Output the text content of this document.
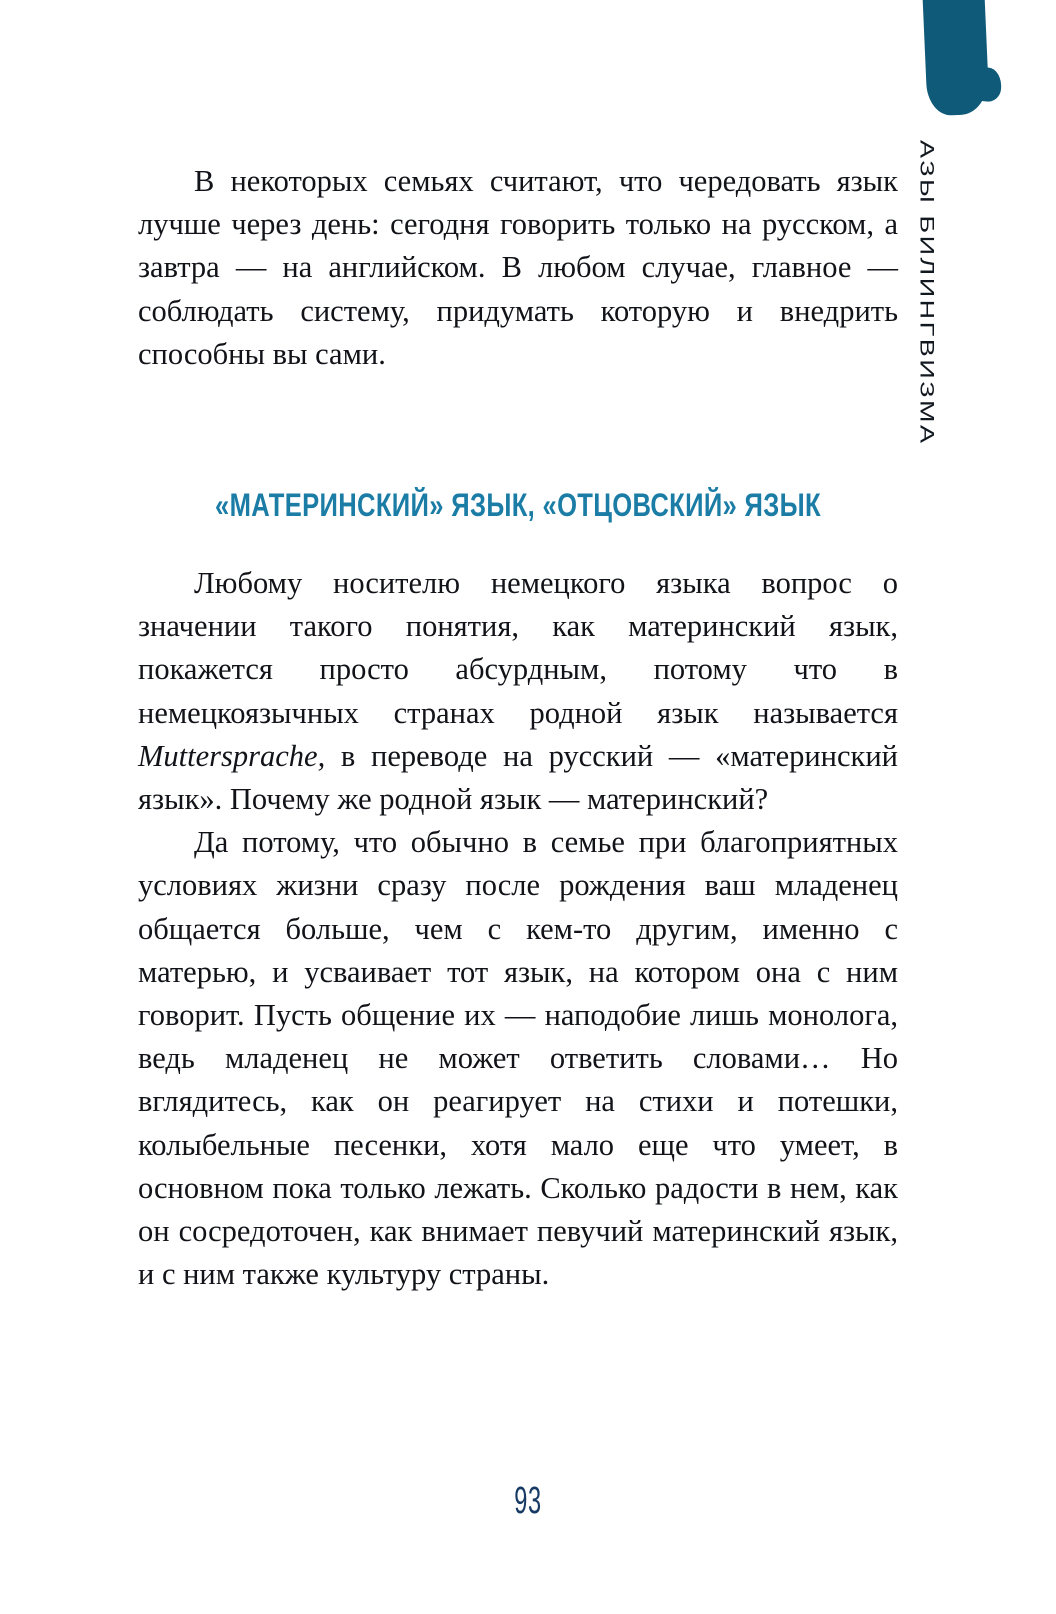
АЗЫ БИЛИНГВИЗМА

В некоторых семьях считают, что чередовать язык лучше через день: сегодня говорить только на русском, а завтра — на английском. В любом случае, главное — соблюдать систему, придумать которую и внедрить способны вы сами.

«МАТЕРИНСКИЙ» ЯЗЫК, «ОТЦОВСКИЙ» ЯЗЫК

Любому носителю немецкого языка вопрос о значении такого понятия, как материнский язык, покажется просто абсурдным, потому что в немецкоязычных странах родной язык называется Muttersprache, в переводе на русский — «материнский язык». Почему же родной язык — материнский?

Да потому, что обычно в семье при благоприятных условиях жизни сразу после рождения ваш младенец общается больше, чем с кем-то другим, именно с матерью, и усваивает тот язык, на котором она с ним говорит. Пусть общение их — наподобие лишь монолога, ведь младенец не может ответить словами… Но вглядитесь, как он реагирует на стихи и потешки, колыбельные песенки, хотя мало еще что умеет, в основном пока только лежать. Сколько радости в нем, как он сосредоточен, как внимает певучий материнский язык, и с ним также культуру страны.

93
